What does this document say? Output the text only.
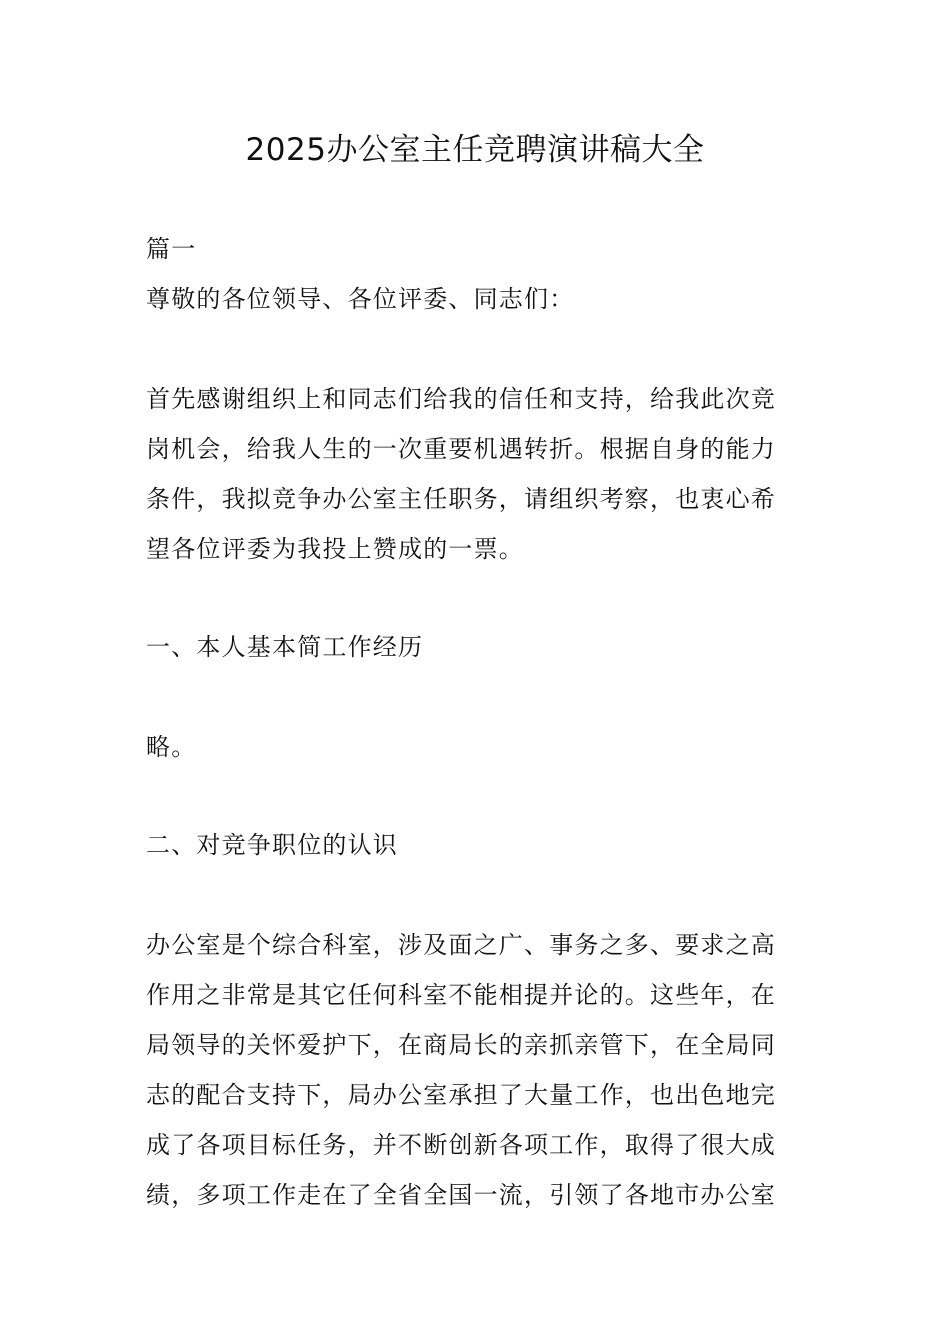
2025办公室主任竞聘演讲稿大全
篇一
尊敬的各位领导、各位评委、同志们：
首先感谢组织上和同志们给我的信任和支持，给我此次竞
岗机会，给我人生的一次重要机遇转折。根据自身的能力
条件，我拟竞争办公室主任职务，请组织考察，也衷心希
望各位评委为我投上赞成的一票。
一、本人基本简工作经历
略。
二、对竞争职位的认识
办公室是个综合科室，涉及面之广、事务之多、要求之高
作用之非常是其它任何科室不能相提并论的。这些年，在
局领导的关怀爱护下，在商局长的亲抓亲管下，在全局同
志的配合支持下，局办公室承担了大量工作，也出色地完
成了各项目标任务，并不断创新各项工作，取得了很大成
绩，多项工作走在了全省全国一流，引领了各地市办公室
